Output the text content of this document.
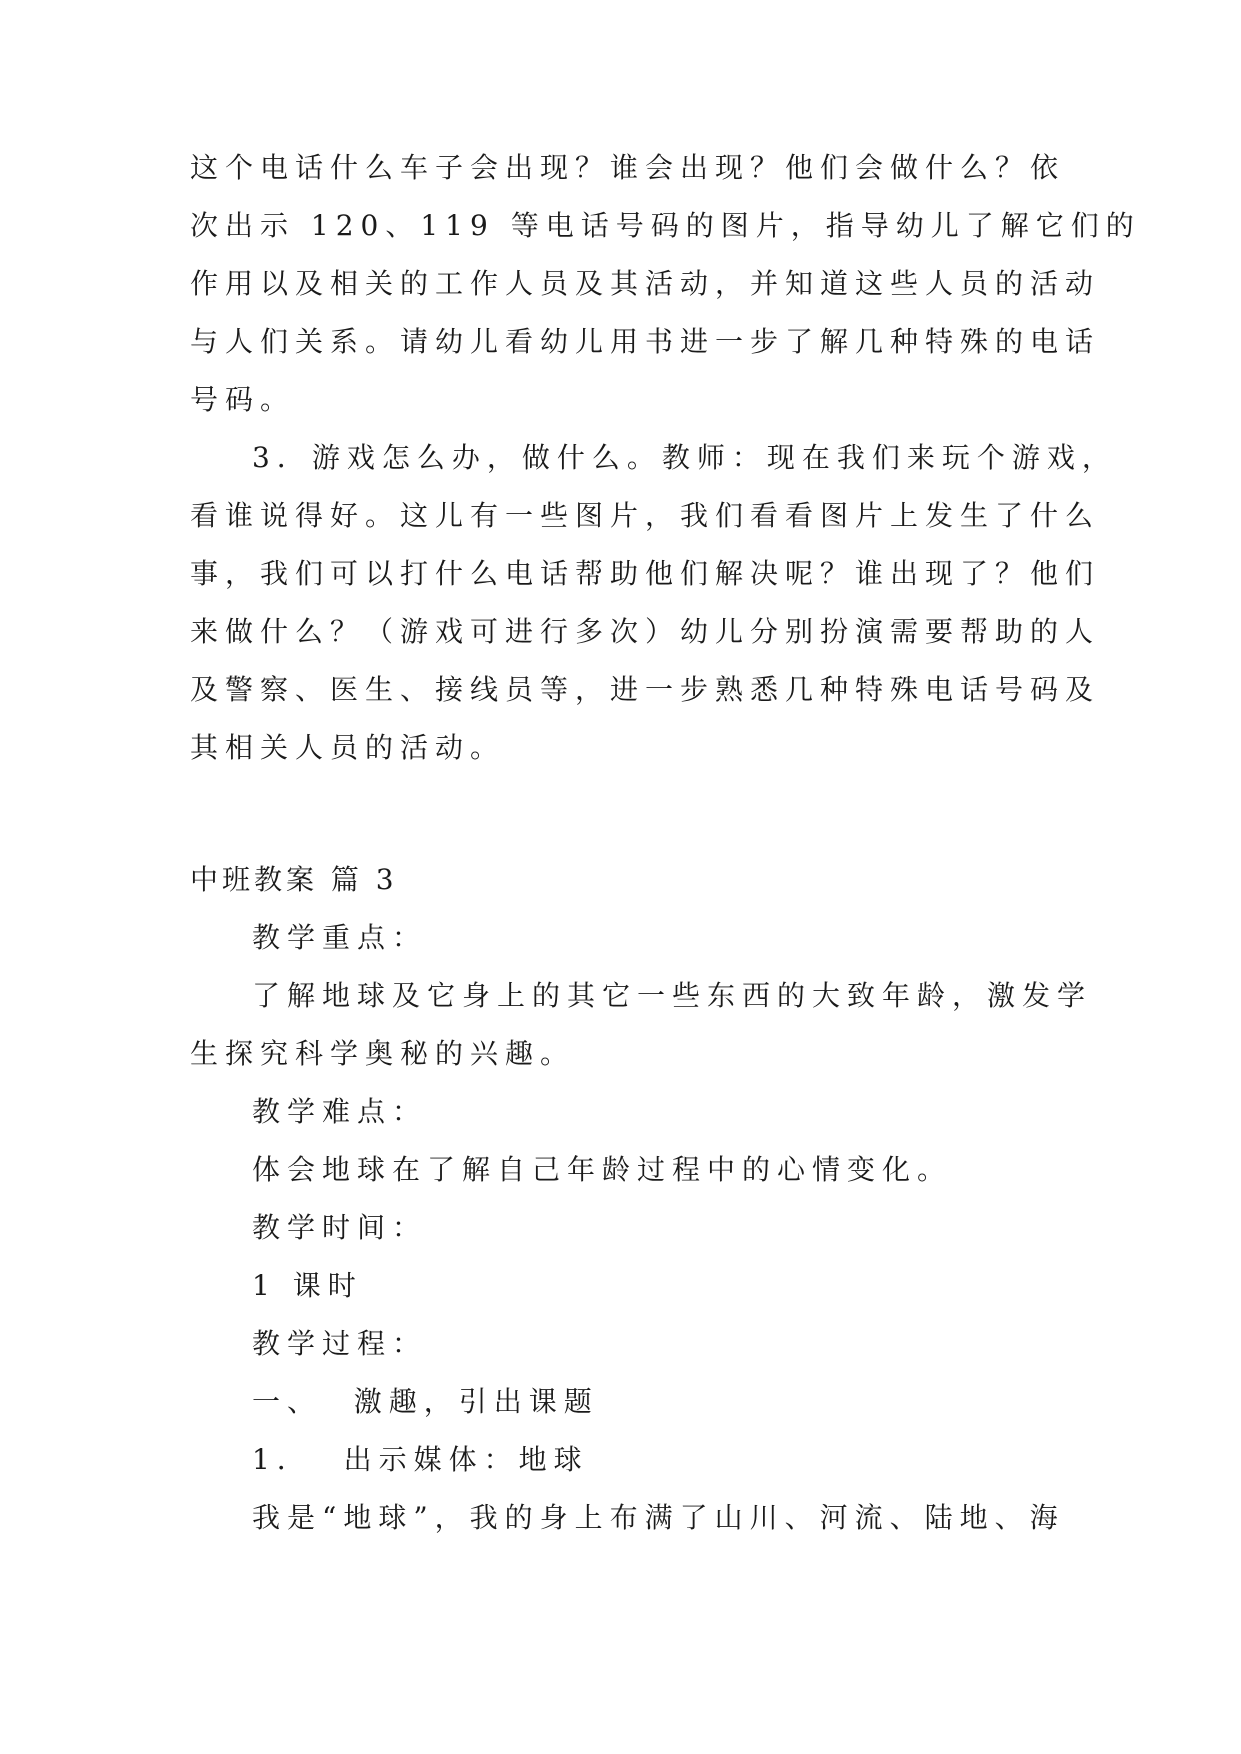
这个电话什么车子会出现？谁会出现？他们会做什么？依
次出示 120、119 等电话号码的图片，指导幼儿了解它们的
作用以及相关的工作人员及其活动，并知道这些人员的活动
与人们关系。请幼儿看幼儿用书进一步了解几种特殊的电话
号码。
3．游戏怎么办，做什么。教师：现在我们来玩个游戏，
看谁说得好。这儿有一些图片，我们看看图片上发生了什么
事，我们可以打什么电话帮助他们解决呢？谁出现了？他们
来做什么？（游戏可进行多次）幼儿分别扮演需要帮助的人
及警察、医生、接线员等，进一步熟悉几种特殊电话号码及
其相关人员的活动。
中班教案 篇 3
教学重点：
了解地球及它身上的其它一些东西的大致年龄，激发学
生探究科学奥秘的兴趣。
教学难点：
体会地球在了解自己年龄过程中的心情变化。
教学时间：
1 课时
教学过程：
一、  激趣，引出课题
1．  出示媒体：地球
我是“地球”，我的身上布满了山川、河流、陆地、海
